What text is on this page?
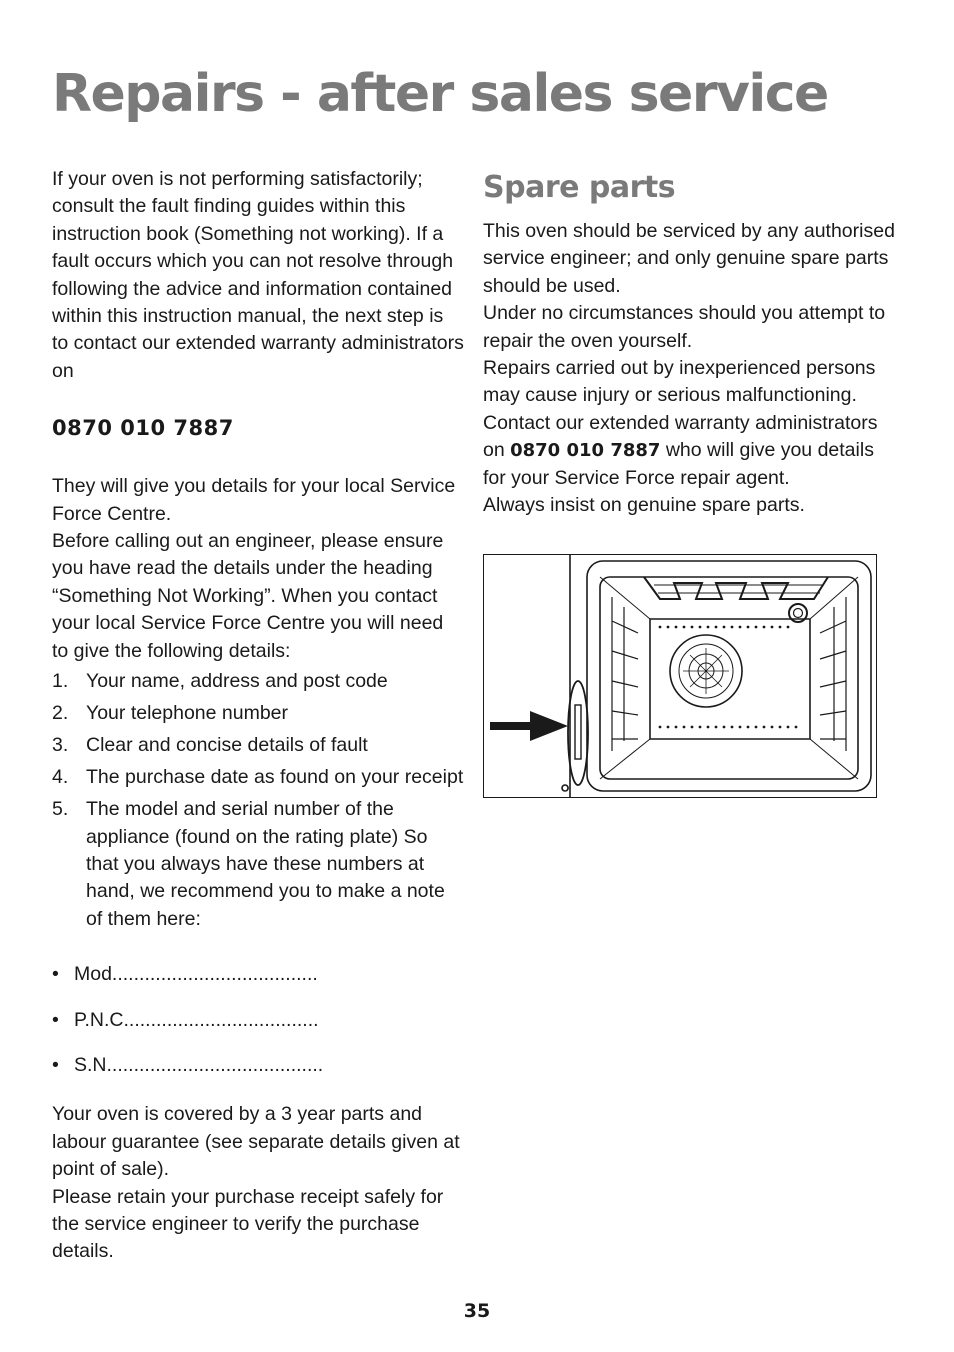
Repairs - after sales service

If your oven is not performing satisfactorily; consult the fault finding guides within this instruction book (Something not working). If a fault occurs which you can not resolve through following the advice and information contained within this instruction manual, the next step is to contact our extended warranty administrators on

0870 010 7887

They will give you details for your local Service Force Centre.

Before calling out an engineer, please ensure you have read the details under the heading “Something Not Working”. When you contact your local Service Force Centre you will need to give the following details:

1. Your name, address and post code
2. Your telephone number
3. Clear and concise details of fault
4. The purchase date as found on your receipt
5. The model and serial number of the appliance (found on the rating plate) So that you always have these numbers at hand, we recommend you to make a note of them here:
• Mod......................................
• P.N.C....................................
• S.N........................................

Your oven is covered by a 3 year parts and labour guarantee (see separate details given at point of sale).

Please retain your purchase receipt safely for the service engineer to verify the purchase details.

Spare parts

This oven should be serviced by any authorised service engineer; and only genuine spare parts should be used.

Under no circumstances should you attempt to repair the oven yourself.

Repairs carried out by inexperienced persons may cause injury or serious malfunctioning.

Contact our extended warranty administrators on 0870 010 7887 who will give you details for your Service Force repair agent.

Always insist on genuine spare parts.

35
